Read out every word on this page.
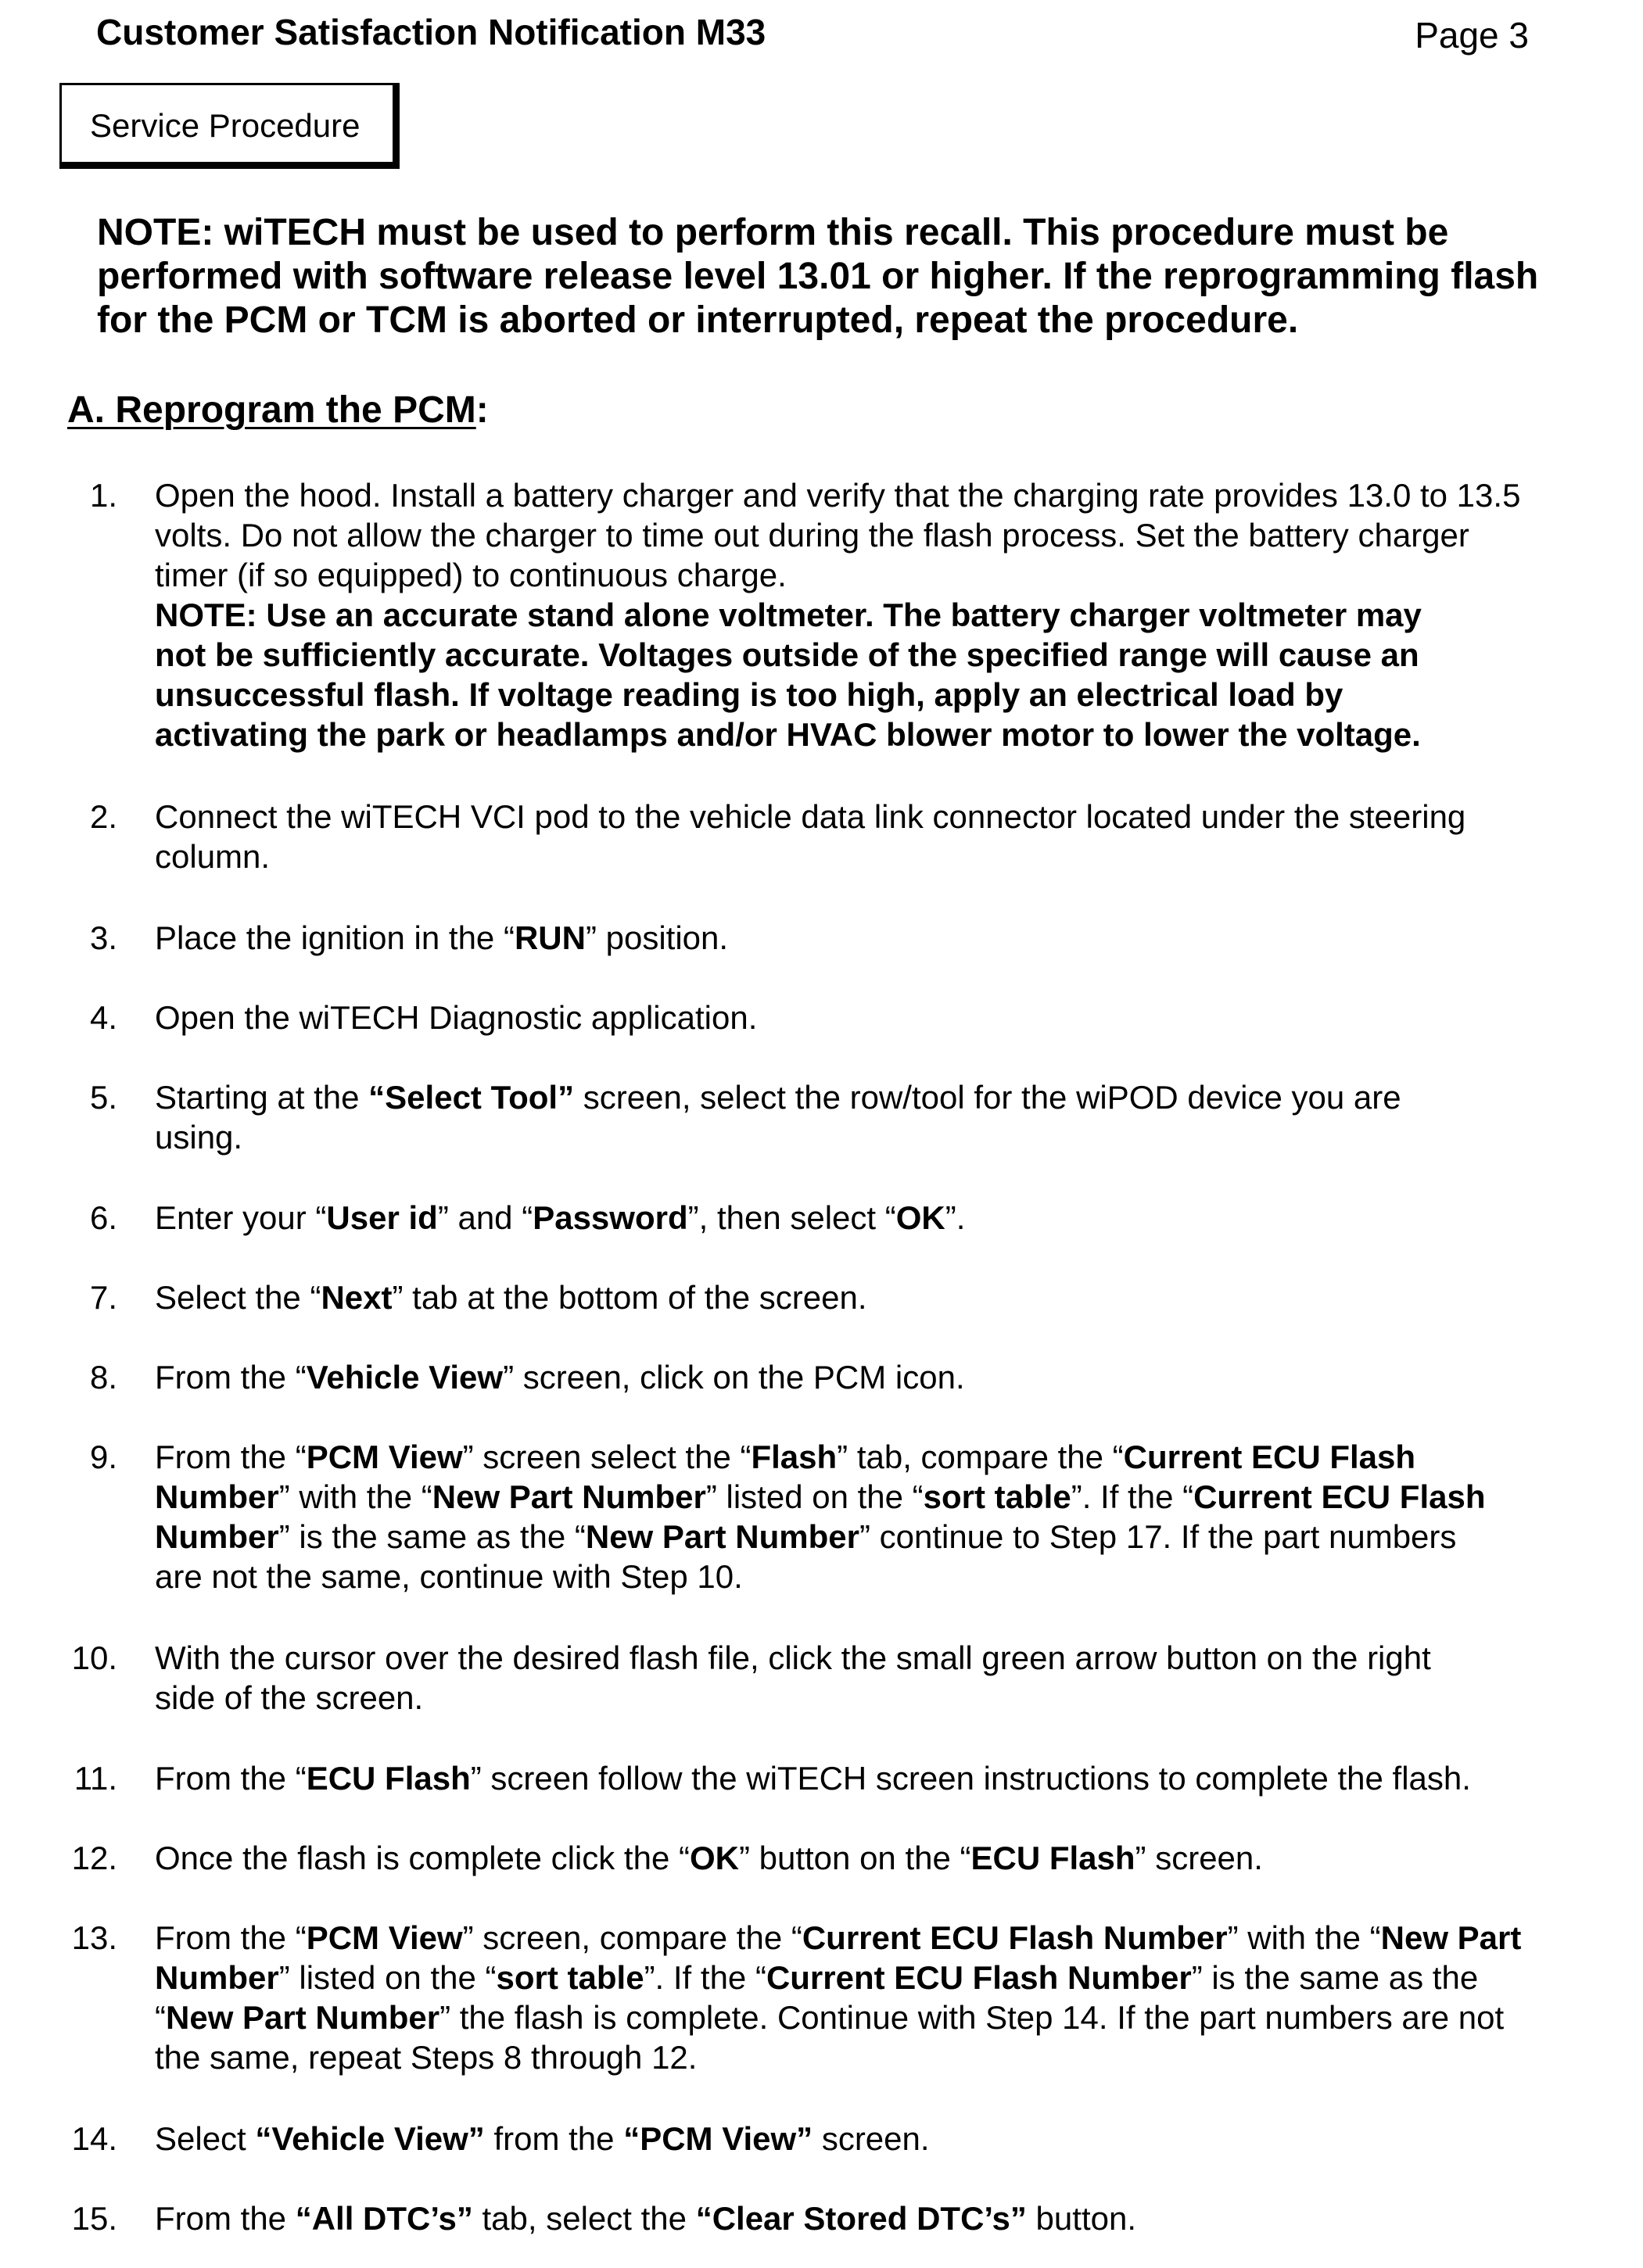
Customer Satisfaction Notification M33	Page 3
Service Procedure
NOTE: wiTECH must be used to perform this recall. This procedure must be
performed with software release level 13.01 or higher. If the reprogramming flash
for the PCM or TCM is aborted or interrupted, repeat the procedure.
A. Reprogram the PCM:
1. Open the hood. Install a battery charger and verify that the charging rate provides 13.0 to 13.5
volts. Do not allow the charger to time out during the flash process. Set the battery charger
timer (if so equipped) to continuous charge.
NOTE: Use an accurate stand alone voltmeter. The battery charger voltmeter may
not be sufficiently accurate. Voltages outside of the specified range will cause an
unsuccessful flash. If voltage reading is too high, apply an electrical load by
activating the park or headlamps and/or HVAC blower motor to lower the voltage.
2. Connect the wiTECH VCI pod to the vehicle data link connector located under the steering
column.
3. Place the ignition in the “RUN” position.
4. Open the wiTECH Diagnostic application.
5. Starting at the “Select Tool” screen, select the row/tool for the wiPOD device you are
using.
6. Enter your “User id” and “Password”, then select “OK”.
7. Select the “Next” tab at the bottom of the screen.
8. From the “Vehicle View” screen, click on the PCM icon.
9. From the “PCM View” screen select the “Flash” tab, compare the “Current ECU Flash
Number” with the “New Part Number” listed on the “sort table”. If the “Current ECU Flash
Number” is the same as the “New Part Number” continue to Step 17. If the part numbers
are not the same, continue with Step 10.
10. With the cursor over the desired flash file, click the small green arrow button on the right
side of the screen.
11. From the “ECU Flash” screen follow the wiTECH screen instructions to complete the flash.
12. Once the flash is complete click the “OK” button on the “ECU Flash” screen.
13. From the “PCM View” screen, compare the “Current ECU Flash Number” with the “New Part
Number” listed on the “sort table”. If the “Current ECU Flash Number” is the same as the
“New Part Number” the flash is complete. Continue with Step 14. If the part numbers are not
the same, repeat Steps 8 through 12.
14. Select “Vehicle View” from the “PCM View” screen.
15. From the “All DTC’s” tab, select the “Clear Stored DTC’s” button.
